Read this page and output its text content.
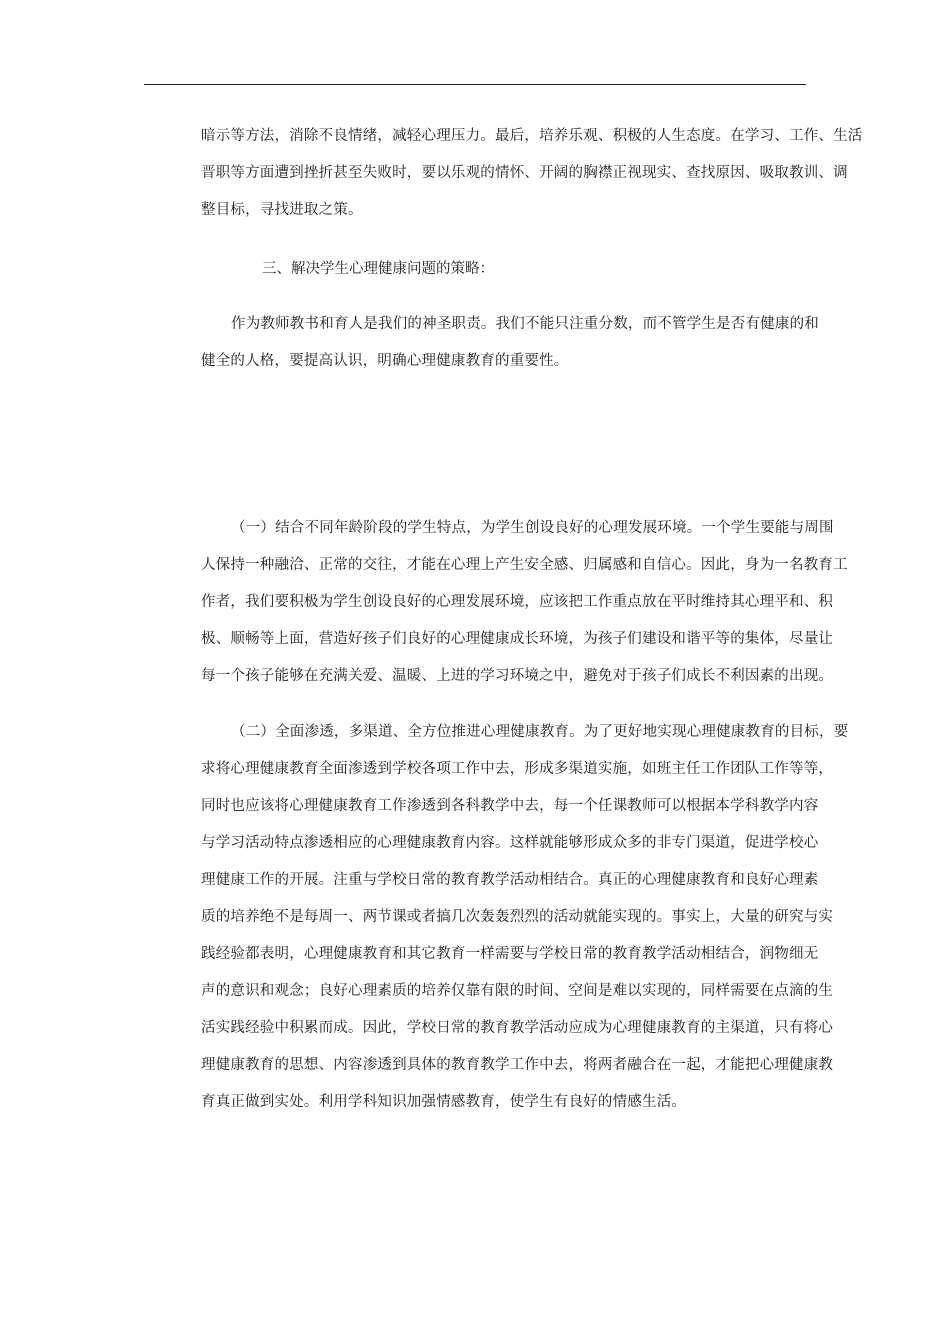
暗示等方法，消除不良情绪，减轻心理压力。最后，培养乐观、积极的人生态度。在学习、工作、生活
晋职等方面遭到挫折甚至失败时，要以乐观的情怀、开阔的胸襟正视现实、查找原因、吸取教训、调
整目标，寻找进取之策。
三、解决学生心理健康问题的策略：
作为教师教书和育人是我们的神圣职责。我们不能只注重分数，而不管学生是否有健康的和
健全的人格，要提高认识，明确心理健康教育的重要性。
（一）结合不同年龄阶段的学生特点，为学生创设良好的心理发展环境。一个学生要能与周围
人保持一种融洽、正常的交往，才能在心理上产生安全感、归属感和自信心。因此，身为一名教育工
作者，我们要积极为学生创设良好的心理发展环境，应该把工作重点放在平时维持其心理平和、积
极、顺畅等上面，营造好孩子们良好的心理健康成长环境，为孩子们建设和谐平等的集体，尽量让
每一个孩子能够在充满关爱、温暖、上进的学习环境之中，避免对于孩子们成长不利因素的出现。
（二）全面渗透，多渠道、全方位推进心理健康教育。为了更好地实现心理健康教育的目标，要
求将心理健康教育全面渗透到学校各项工作中去，形成多渠道实施，如班主任工作团队工作等等，
同时也应该将心理健康教育工作渗透到各科教学中去，每一个任课教师可以根据本学科教学内容
与学习活动特点渗透相应的心理健康教育内容。这样就能够形成众多的非专门渠道，促进学校心
理健康工作的开展。注重与学校日常的教育教学活动相结合。真正的心理健康教育和良好心理素
质的培养绝不是每周一、两节课或者搞几次轰轰烈烈的活动就能实现的。事实上，大量的研究与实
践经验都表明，心理健康教育和其它教育一样需要与学校日常的教育教学活动相结合，润物细无
声的意识和观念；良好心理素质的培养仅靠有限的时间、空间是难以实现的，同样需要在点滴的生
活实践经验中积累而成。因此，学校日常的教育教学活动应成为心理健康教育的主渠道，只有将心
理健康教育的思想、内容渗透到具体的教育教学工作中去，将两者融合在一起，才能把心理健康教
育真正做到实处。利用学科知识加强情感教育，使学生有良好的情感生活。
